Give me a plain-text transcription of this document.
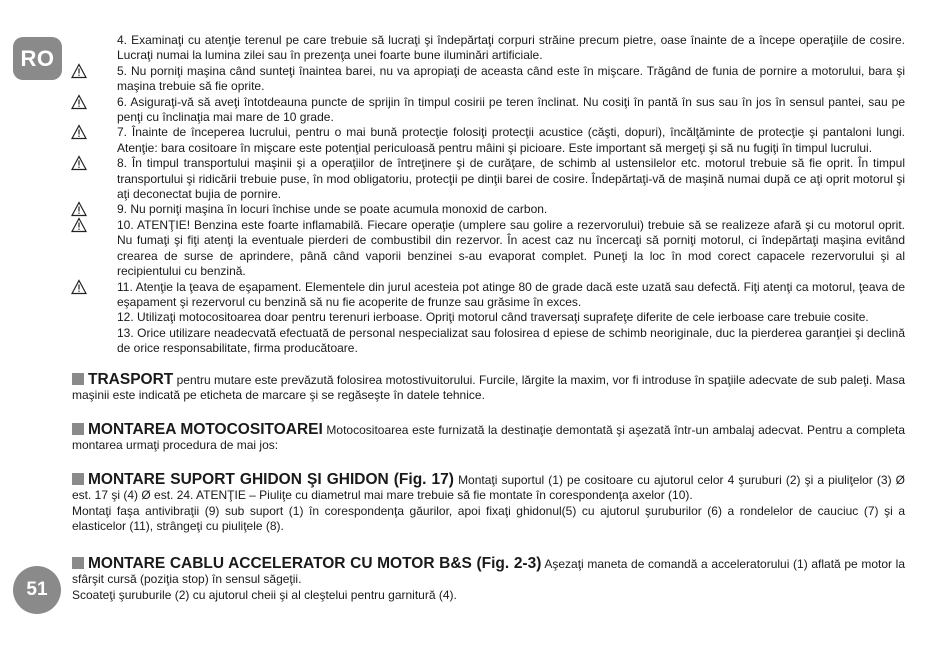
RO
51
4. Examinaţi cu atenţie terenul pe care trebuie să lucraţi şi îndepărtaţi corpuri străine precum pietre, oase înainte de a începe operaţiile de cosire. Lucraţi numai la lumina zilei sau în prezenţa unei foarte bune iluminări artificiale.
5. Nu porniţi maşina când sunteţi înaintea barei, nu va apropiaţi de aceasta când este în mişcare. Trăgând de funia de pornire a motorului, bara şi maşina trebuie să fie oprite.
6. Asiguraţi-vă să aveţi întotdeauna puncte de sprijin în timpul cosirii pe teren înclinat. Nu cosiţi în pantă în sus sau în jos în sensul pantei, sau pe penţi cu înclinaţia mai mare de 10 grade.
7. Înainte de începerea lucrului, pentru o mai bună protecţie folosiţi protecţii acustice (căşti, dopuri), încălţăminte de protecţie şi pantaloni lungi. Atenţie: bara cositoare în mişcare este potenţial periculoasă pentru mâini şi picioare. Este important să mergeţi şi să nu fugiţi în timpul lucrului.
8. În timpul transportului maşinii şi a operaţiilor de întreţinere şi de curăţare, de schimb al ustensilelor etc. motorul trebuie să fie oprit. În timpul transportului şi ridicării trebuie puse, în mod obligatoriu, protecţii pe dinţii barei de cosire. Îndepărtaţi-vă de maşină numai după ce aţi oprit motorul şi aţi deconectat bujia de pornire.
9. Nu porniţi maşina în locuri închise unde se poate acumula monoxid de carbon.
10. ATENŢIE! Benzina este foarte inflamabilă. Fiecare operaţie (umplere sau golire a rezervorului) trebuie să se realizeze afară şi cu motorul oprit. Nu fumaţi şi fiţi atenţi la eventuale pierderi de combustibil din rezervor. În acest caz nu încercaţi să porniţi motorul, ci îndepărtaţi maşina evitând crearea de surse de aprindere, până când vaporii benzinei s-au evaporat complet. Puneţi la loc în mod corect capacele rezervorului şi al recipientului cu benzină.
11. Atenţie la ţeava de eşapament. Elementele din jurul acesteia pot atinge 80 de grade dacă este uzată sau defectă. Fiţi atenţi ca motorul, ţeava de eşapament şi rezervorul cu benzină să nu fie acoperite de frunze sau grăsime în exces.
12. Utilizaţi motocositoarea doar pentru terenuri ierboase. Opriţi motorul când traversaţi suprafeţe diferite de cele ierboase care trebuie cosite.
13. Orice utilizare neadecvată efectuată de personal nespecializat sau folosirea d epiese de schimb neoriginale, duc la pierderea garanţiei şi declină de orice responsabilitate, firma producătoare.

TRASPORT pentru mutare este prevăzută folosirea motostivuitorului. Furcile, lărgite la maxim, vor fi introduse în spaţiile adecvate de sub paleţi. Masa maşinii este indicată pe eticheta de marcare şi se regăseşte în datele tehnice.

MONTAREA MOTOCOSITOAREI Motocositoarea este furnizată la destinaţie demontată şi aşezată într-un ambalaj adecvat. Pentru a completa montarea urmaţi procedura de mai jos:

MONTARE SUPORT GHIDON ŞI GHIDON (Fig. 17) Montaţi suportul (1) pe cositoare cu ajutorul celor 4 şuruburi (2) şi a piuliţelor (3) Ø est. 17 şi (4) Ø est. 24. ATENŢIE – Piuliţe cu diametrul mai mare trebuie să fie montate în corespondenţa axelor (10).

Montaţi faşa antivibraţii (9) sub suport (1) în corespondenţa găurilor, apoi fixaţi ghidonul(5) cu ajutorul şuruburilor (6) a rondelelor de cauciuc (7) şi a elasticelor (11), strângeţi cu piuliţele (8).

MONTARE CABLU ACCELERATOR CU MOTOR B&S (Fig. 2-3) Aşezaţi maneta de comandă a acceleratorului (1) aflată pe motor la sfârşit cursă (poziţia stop) în sensul săgeţii.

Scoateţi şuruburile (2) cu ajutorul cheii şi al cleştelui pentru garnitură (4).
